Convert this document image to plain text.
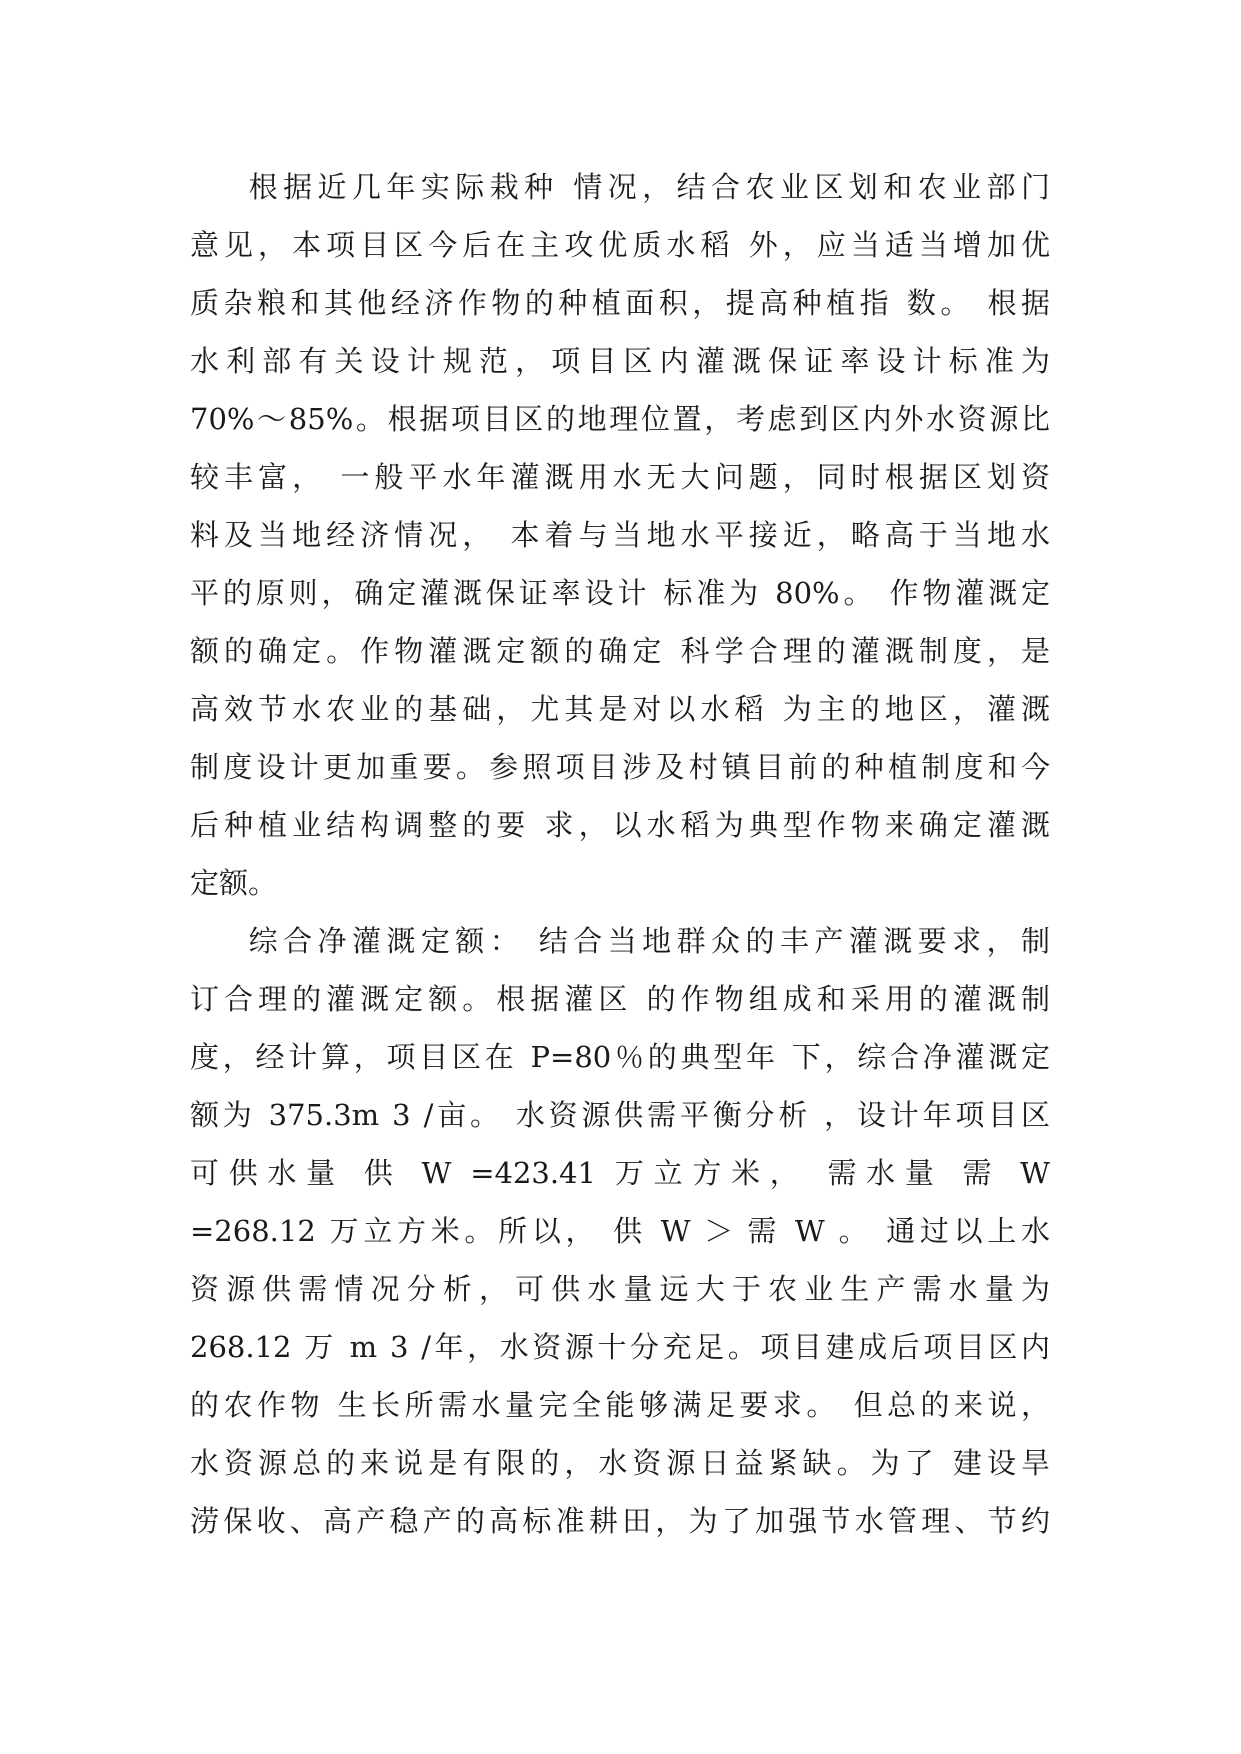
根据近几年实际栽种 情况，结合农业区划和农业部门
意见，本项目区今后在主攻优质水稻 外，应当适当增加优
质杂粮和其他经济作物的种植面积，提高种植指 数。 根据
水利部有关设计规范，项目区内灌溉保证率设计标准为
70%～85%。根据项目区的地理位置，考虑到区内外水资源比
较丰富， 一般平水年灌溉用水无大问题，同时根据区划资
料及当地经济情况， 本着与当地水平接近，略高于当地水
平的原则，确定灌溉保证率设计 标准为 80%。 作物灌溉定
额的确定。作物灌溉定额的确定 科学合理的灌溉制度，是
高效节水农业的基础，尤其是对以水稻 为主的地区，灌溉
制度设计更加重要。参照项目涉及村镇目前的种植制度和今
后种植业结构调整的要 求，以水稻为典型作物来确定灌溉
定额。
综合净灌溉定额： 结合当地群众的丰产灌溉要求，制
订合理的灌溉定额。根据灌区 的作物组成和采用的灌溉制
度，经计算，项目区在 P=80％的典型年 下，综合净灌溉定
额为 375.3m 3 /亩。 水资源供需平衡分析 ，设计年项目区
可供水量 供 W =423.41 万立方米， 需水量 需 W
=268.12 万立方米。所以， 供 W ＞ 需 W 。 通过以上水
资源供需情况分析，可供水量远大于农业生产需水量为
268.12 万 m 3 /年，水资源十分充足。项目建成后项目区内
的农作物 生长所需水量完全能够满足要求。 但总的来说，
水资源总的来说是有限的，水资源日益紧缺。为了 建设旱
涝保收、高产稳产的高标准耕田，为了加强节水管理、节约
